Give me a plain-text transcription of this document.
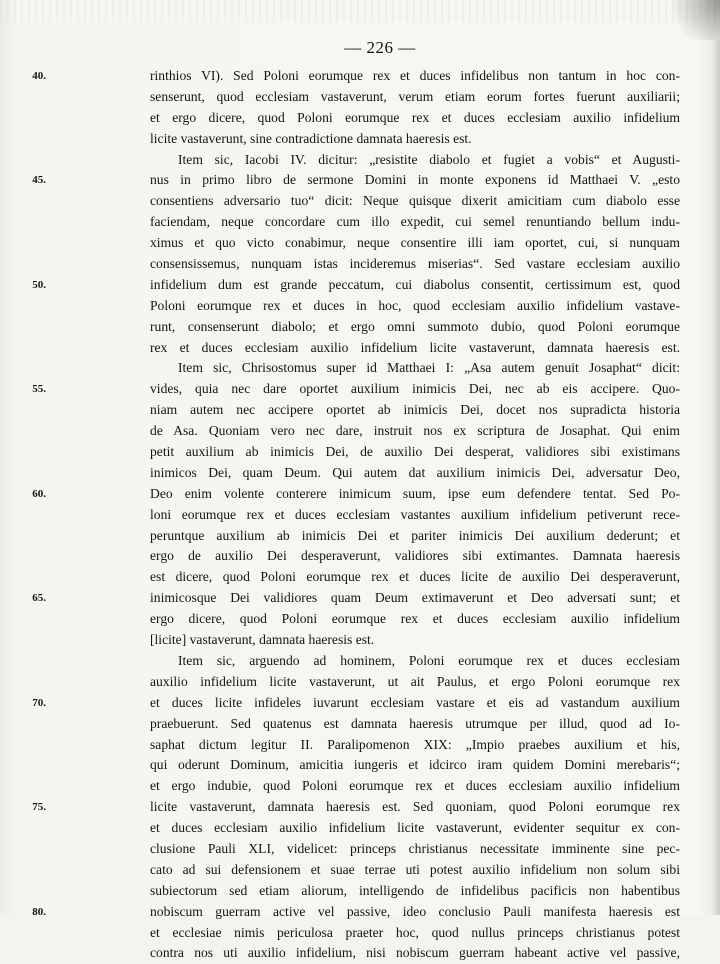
— 226 —
40.	rinthios VI). Sed Poloni eorumque rex et duces infidelibus non tantum in hoc con-
senserunt, quod ecclesiam vastaverunt, verum etiam eorum fortes fuerunt auxiliarii;
et ergo dicere, quod Poloni eorumque rex et duces ecclesiam auxilio infidelium
licite vastaverunt, sine contradictione damnata haeresis est.
Item sic, Iacobi IV. dicitur: „resistite diabolo et fugiet a vobis“ et Augusti-
45.	nus in primo libro de sermone Domini in monte exponens id Matthaei V. „esto
consentiens adversario tuo“ dicit: Neque quisque dixerit amicitiam cum diabolo esse
faciendam, neque concordare cum illo expedit, cui semel renuntiando bellum indu-
ximus et quo victo conabimur, neque consentire illi iam oportet, cui, si nunquam
consensissemus, nunquam istas incideremus miserias“. Sed vastare ecclesiam auxilio
50.	infidelium dum est grande peccatum, cui diabolus consentit, certissimum est, quod
Poloni eorumque rex et duces in hoc, quod ecclesiam auxilio infidelium vastave-
runt, consenserunt diabolo; et ergo omni summoto dubio, quod Poloni eorumque
rex et duces ecclesiam auxilio infidelium licite vastaverunt, damnata haeresis est.
Item sic, Chrisostomus super id Matthaei I: „Asa autem genuit Josaphat“ dicit:
55.	vides, quia nec dare oportet auxilium inimicis Dei, nec ab eis accipere. Quo-
niam autem nec accipere oportet ab inimicis Dei, docet nos supradicta historia
de Asa. Quoniam vero nec dare, instruit nos ex scriptura de Josaphat. Qui enim
petit auxilium ab inimicis Dei, de auxilio Dei desperat, validiores sibi existimans
inimicos Dei, quam Deum. Qui autem dat auxilium inimicis Dei, adversatur Deo,
60.	Deo enim volente conterere inimicum suum, ipse eum defendere tentat. Sed Po-
loni eorumque rex et duces ecclesiam vastantes auxilium infidelium petiverunt rece-
peruntque auxilium ab inimicis Dei et pariter inimicis Dei auxilium dederunt; et
ergo de auxilio Dei desperaverunt, validiores sibi extimantes. Damnata haeresis
est dicere, quod Poloni eorumque rex et duces licite de auxilio Dei desperaverunt,
65.	inimicosque Dei validiores quam Deum extimaverunt et Deo adversati sunt; et
ergo dicere, quod Poloni eorumque rex et duces ecclesiam auxilio infidelium
[licite] vastaverunt, damnata haeresis est.
Item sic, arguendo ad hominem, Poloni eorumque rex et duces ecclesiam
auxilio infidelium licite vastaverunt, ut ait Paulus, et ergo Poloni eorumque rex
70.	et duces licite infideles iuvarunt ecclesiam vastare et eis ad vastandum auxilium
praebuerunt. Sed quatenus est damnata haeresis utrumque per illud, quod ad Io-
saphat dictum legitur II. Paralipomenon XIX: „Impio praebes auxilium et his,
qui oderunt Dominum, amicitia iungeris et idcirco iram quidem Domini merebaris“;
et ergo indubie, quod Poloni eorumque rex et duces ecclesiam auxilio infidelium
75.	licite vastaverunt, damnata haeresis est. Sed quoniam, quod Poloni eorumque rex
et duces ecclesiam auxilio infidelium licite vastaverunt, evidenter sequitur ex con-
clusione Pauli XLI, videlicet: princeps christianus necessitate imminente sine pec-
cato ad sui defensionem et suae terrae uti potest auxilio infidelium non solum sibi
subiectorum sed etiam aliorum, intelligendo de infidelibus pacificis non habentibus
80.	nobiscum guerram active vel passive, ideo conclusio Pauli manifesta haeresis est
et ecclesiae nimis periculosa praeter hoc, quod nullus princeps christianus potest
contra nos uti auxilio infidelium, nisi nobiscum guerram habeant active vel passive,
